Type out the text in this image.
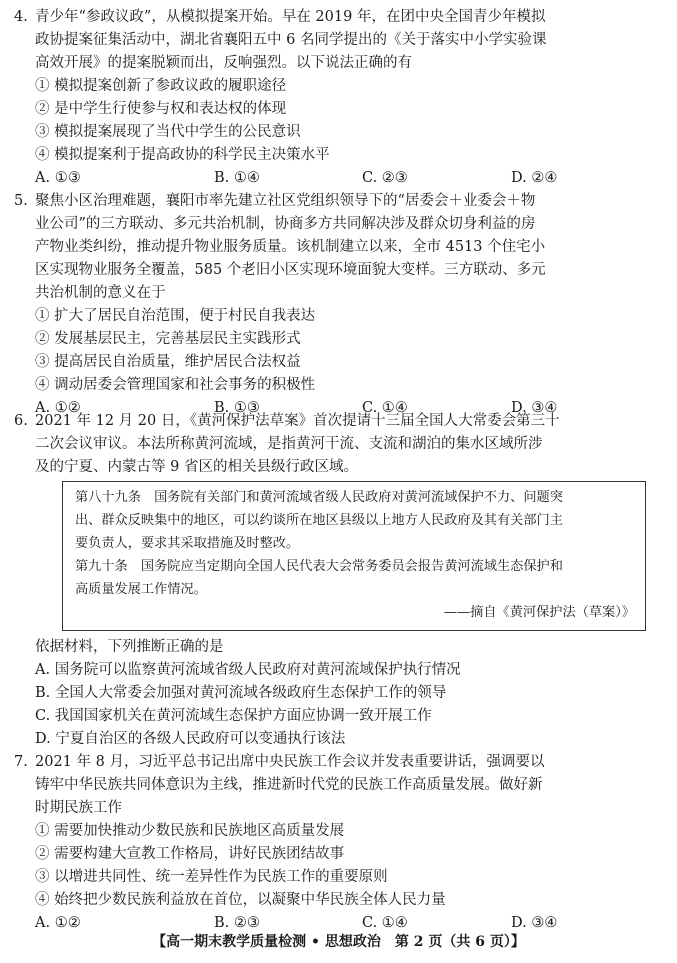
4. 青少年“参政议政”，从模拟提案开始。早在 2019 年，在团中央全国青少年模拟
政协提案征集活动中，湖北省襄阳五中 6 名同学提出的《关于落实中小学实验课
高效开展》的提案脱颖而出，反响强烈。以下说法正确的有
① 模拟提案创新了参政议政的履职途径
② 是中学生行使参与权和表达权的体现
③ 模拟提案展现了当代中学生的公民意识
④ 模拟提案利于提高政协的科学民主决策水平
A. ①③	B. ①④	C. ②③	D. ②④
5. 聚焦小区治理难题，襄阳市率先建立社区党组织领导下的“居委会＋业委会＋物
业公司”的三方联动、多元共治机制，协商多方共同解决涉及群众切身利益的房
产物业类纠纷，推动提升物业服务质量。该机制建立以来，全市 4513 个住宅小
区实现物业服务全覆盖，585 个老旧小区实现环境面貌大变样。三方联动、多元
共治机制的意义在于
① 扩大了居民自治范围，便于村民自我表达
② 发展基层民主，完善基层民主实践形式
③ 提高居民自治质量，维护居民合法权益
④ 调动居委会管理国家和社会事务的积极性
A. ①②	B. ①③	C. ①④	D. ③④
6. 2021 年 12 月 20 日，《黄河保护法草案》首次提请十三届全国人大常委会第三十
二次会议审议。本法所称黄河流域，是指黄河干流、支流和湖泊的集水区域所涉
及的宁夏、内蒙古等 9 省区的相关县级行政区域。
第八十九条　国务院有关部门和黄河流域省级人民政府对黄河流域保护不力、问题突
出、群众反映集中的地区，可以约谈所在地区县级以上地方人民政府及其有关部门主
要负责人，要求其采取措施及时整改。
第九十条　国务院应当定期向全国人民代表大会常务委员会报告黄河流域生态保护和
高质量发展工作情况。
——摘自《黄河保护法（草案）》
依据材料，下列推断正确的是
A. 国务院可以监察黄河流域省级人民政府对黄河流域保护执行情况
B. 全国人大常委会加强对黄河流域各级政府生态保护工作的领导
C. 我国国家机关在黄河流域生态保护方面应协调一致开展工作
D. 宁夏自治区的各级人民政府可以变通执行该法
7. 2021 年 8 月，习近平总书记出席中央民族工作会议并发表重要讲话，强调要以
铸牢中华民族共同体意识为主线，推进新时代党的民族工作高质量发展。做好新
时期民族工作
① 需要加快推动少数民族和民族地区高质量发展
② 需要构建大宣教工作格局，讲好民族团结故事
③ 以增进共同性、统一差异性作为民族工作的重要原则
④ 始终把少数民族利益放在首位，以凝聚中华民族全体人民力量
A. ①②	B. ②③	C. ①④	D. ③④
【高一期末教学质量检测 • 思想政治　第 2 页（共 6 页）】
